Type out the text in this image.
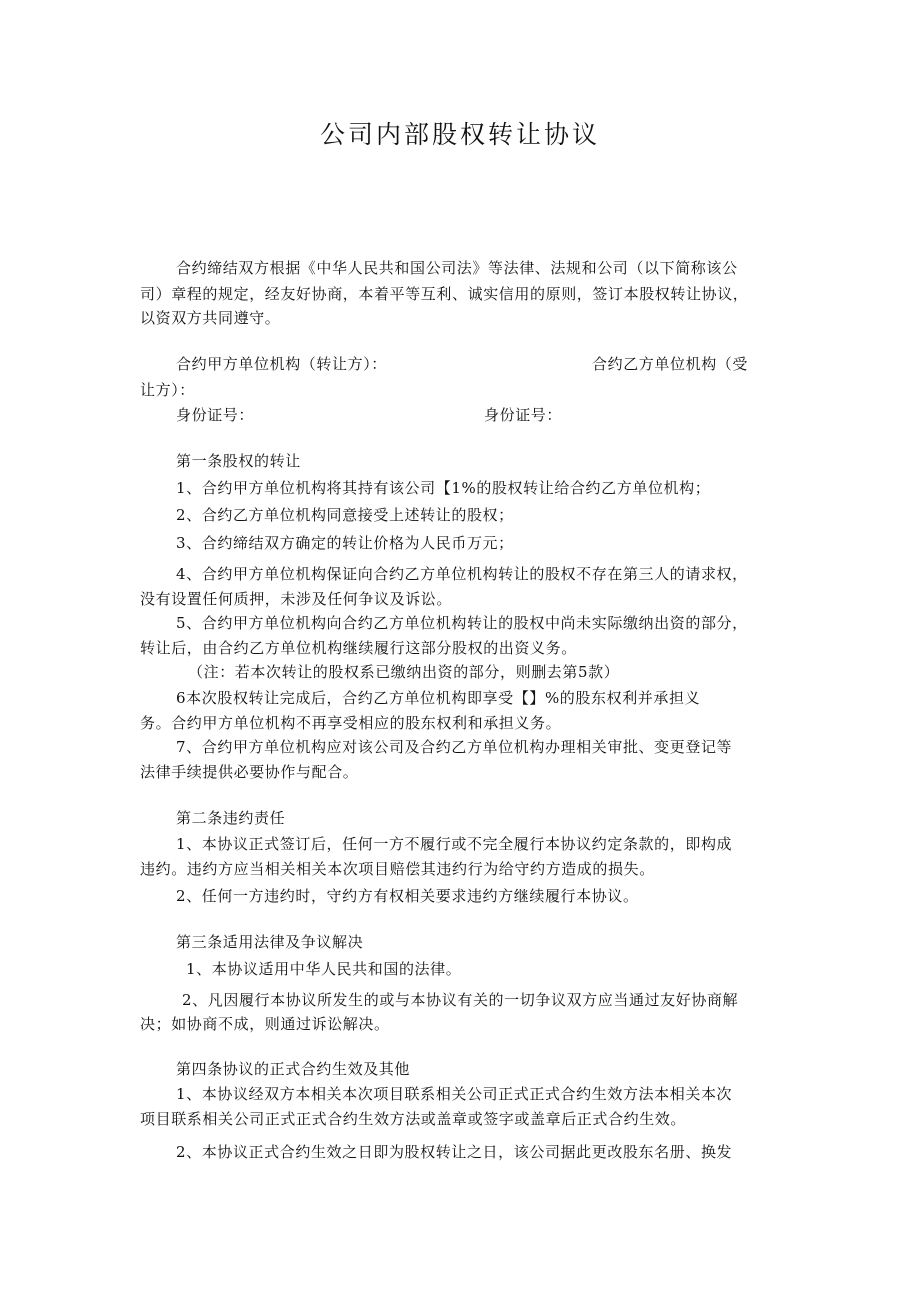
公司内部股权转让协议
合约缔结双方根据《中华人民共和国公司法》等法律、法规和公司（以下简称该公
司）章程的规定，经友好协商，本着平等互利、诚实信用的原则，签订本股权转让协议，
以资双方共同遵守。
合约甲方单位机构（转让方）：	合约乙方单位机构（受
让方）：
身份证号：	身份证号：
第一条股权的转让
1、合约甲方单位机构将其持有该公司【1%的股权转让给合约乙方单位机构；
2、合约乙方单位机构同意接受上述转让的股权；
3、合约缔结双方确定的转让价格为人民币万元；
4、合约甲方单位机构保证向合约乙方单位机构转让的股权不存在第三人的请求权，
没有设置任何质押，未涉及任何争议及诉讼。
5、合约甲方单位机构向合约乙方单位机构转让的股权中尚未实际缴纳出资的部分，
转让后，由合约乙方单位机构继续履行这部分股权的出资义务。
（注：若本次转让的股权系已缴纳出资的部分，则删去第5款）
6本次股权转让完成后，合约乙方单位机构即享受【】%的股东权利并承担义
务。合约甲方单位机构不再享受相应的股东权利和承担义务。
7、合约甲方单位机构应对该公司及合约乙方单位机构办理相关审批、变更登记等
法律手续提供必要协作与配合。
第二条违约责任
1、本协议正式签订后，任何一方不履行或不完全履行本协议约定条款的，即构成
违约。违约方应当相关相关本次项目赔偿其违约行为给守约方造成的损失。
2、任何一方违约时，守约方有权相关要求违约方继续履行本协议。
第三条适用法律及争议解决
1、本协议适用中华人民共和国的法律。
2、凡因履行本协议所发生的或与本协议有关的一切争议双方应当通过友好协商解
决；如协商不成，则通过诉讼解决。
第四条协议的正式合约生效及其他
1、本协议经双方本相关本次项目联系相关公司正式正式合约生效方法本相关本次
项目联系相关公司正式正式合约生效方法或盖章或签字或盖章后正式合约生效。
2、本协议正式合约生效之日即为股权转让之日，该公司据此更改股东名册、换发
